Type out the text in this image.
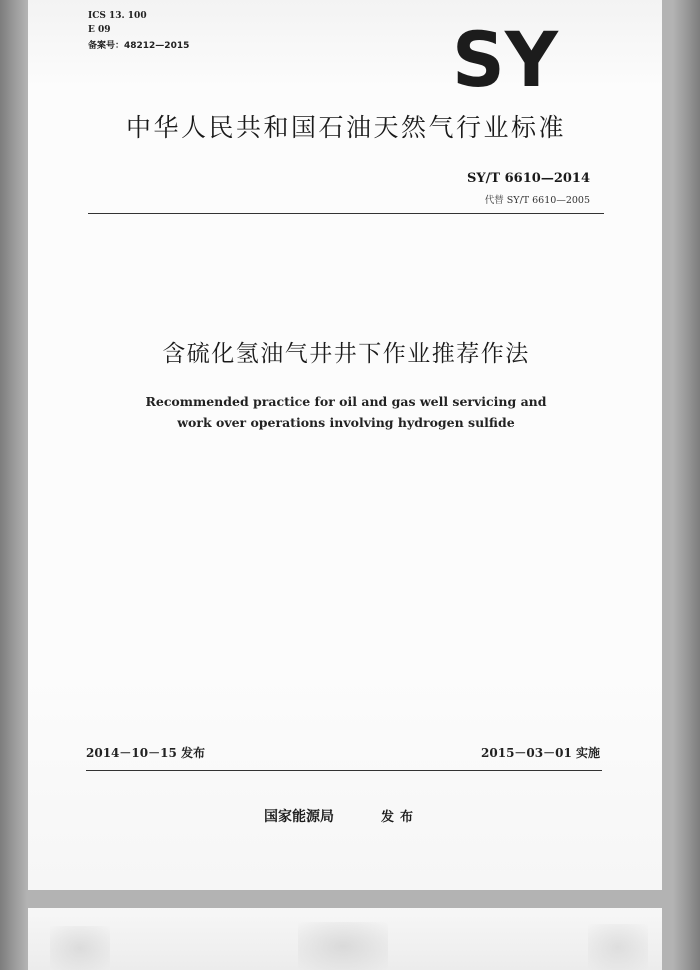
ICS 13. 100
E 09
备案号：48212—2015	SY
中华人民共和国石油天然气行业标准
SY/T 6610—2014
代替 SY/T 6610—2005
含硫化氢油气井井下作业推荐作法
Recommended practice for oil and gas well servicing and
work over operations involving hydrogen sulfide
2014－10－15 发布	2015－03－01 实施
国家能源局	发布
